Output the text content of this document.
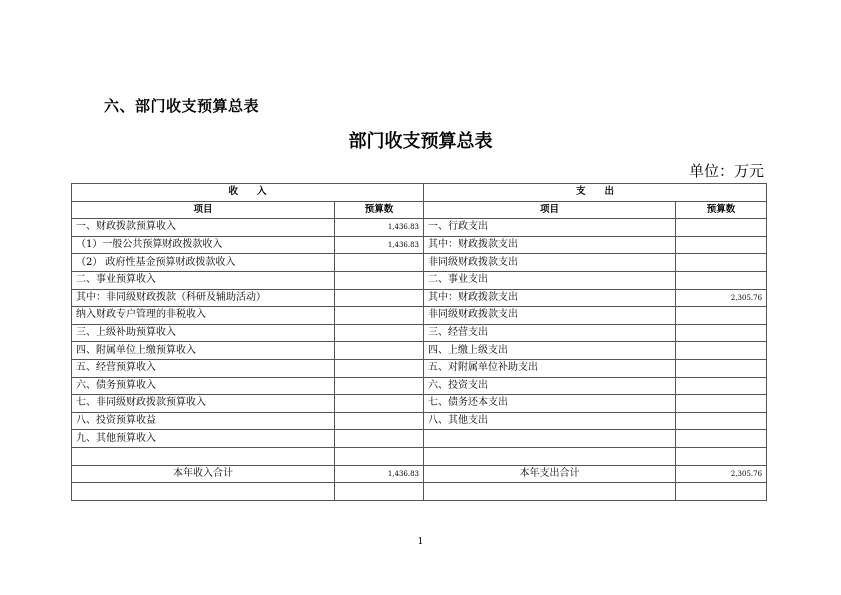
六、部门收支预算总表
部门收支预算总表
单位：万元
收　　入		支　　出	
项目	预算数	项目	预算数
一、财政拨款预算收入	1,436.83	一、行政支出	
（1）一般公共预算财政拨款收入	1,436.83	其中：财政拨款支出	
（2） 政府性基金预算财政拨款收入		非同级财政拨款支出	
二、事业预算收入		二、事业支出	
其中：非同级财政拨款（科研及辅助活动）		其中：财政拨款支出	2,305.76
纳入财政专户管理的非税收入		非同级财政拨款支出	
三、上级补助预算收入		三、经营支出	
四、附属单位上缴预算收入		四、上缴上级支出	
五、经营预算收入		五、对附属单位补助支出	
六、债务预算收入		六、投资支出	
七、非同级财政拨款预算收入		七、债务还本支出	
八、投资预算收益		八、其他支出	
九、其他预算收入			

本年收入合计	1,436.83	本年支出合计	2,305.76

1
